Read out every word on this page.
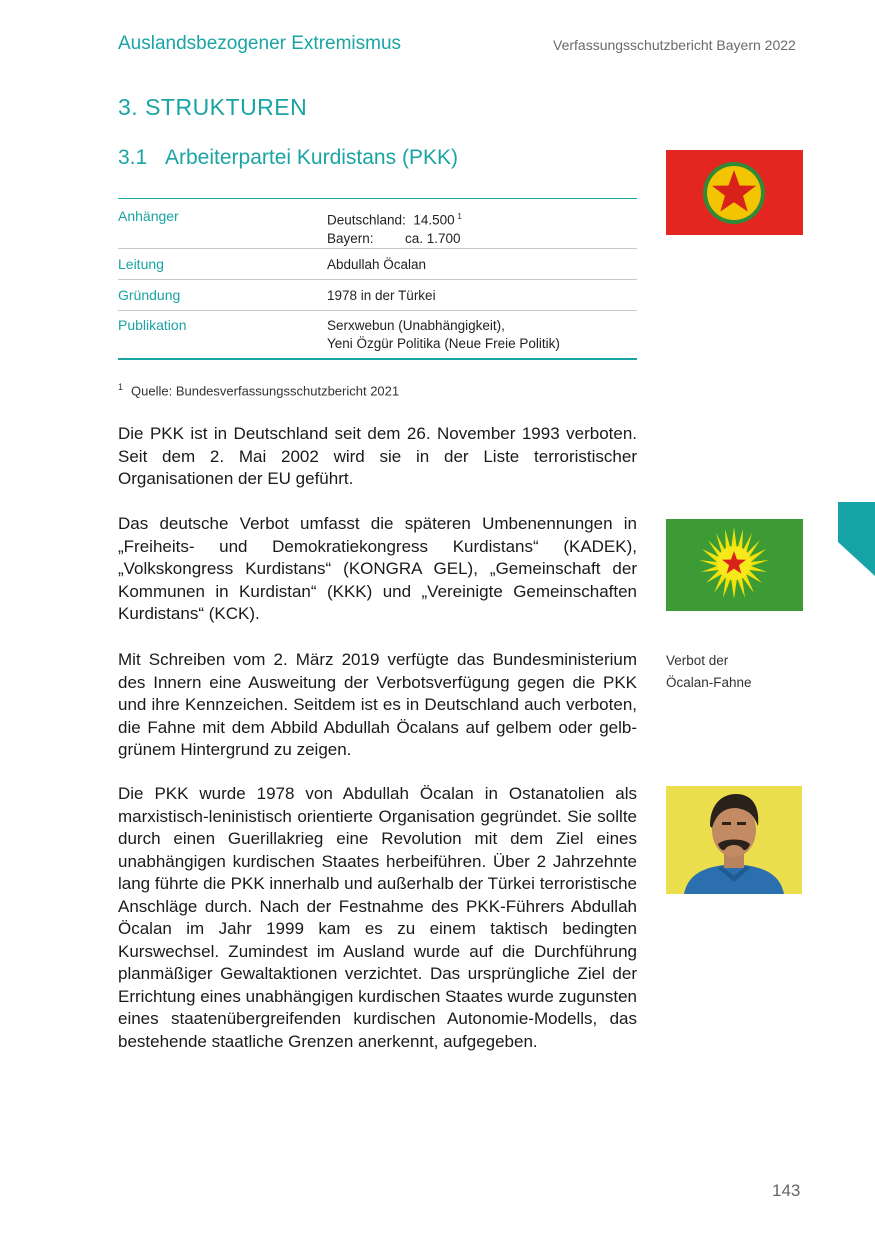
Auslandsbezogener Extremismus	Verfassungsschutzbericht Bayern 2022
3. STRUKTUREN
3.1 Arbeiterpartei Kurdistans (PKK)
Anhänger	Deutschland: 14.500  $^1$
Bayern: ca. 1.700
Leitung	Abdullah Öcalan
Gründung	1978 in der Türkei
Publikation	Serxwebun (Unabhängigkeit),
Yeni Özgür Politika (Neue Freie Politik)
$^1$ Quelle: Bundesverfassungsschutzbericht 2021

Die PKK ist in Deutschland seit dem 26. November 1993 verboten. Seit dem 2. Mai 2002 wird sie in der Liste terroristischer Organisationen der EU geführt.

Das deutsche Verbot umfasst die späteren Umbenennungen in „Freiheits- und Demokratiekongress Kurdistans“ (KADEK), „Volkskongress Kurdistans“ (KONGRA GEL), „Gemeinschaft der Kommunen in Kurdistan“ (KKK) und „Vereinigte Gemeinschaften Kurdistans“ (KCK).

Mit Schreiben vom 2. März 2019 verfügte das Bundesministerium des Innern eine Ausweitung der Verbotsverfügung gegen die PKK und ihre Kennzeichen. Seitdem ist es in Deutschland auch verboten, die Fahne mit dem Abbild Abdullah Öcalans auf gelbem oder gelb-grünem Hintergrund zu zeigen.

Die PKK wurde 1978 von Abdullah Öcalan in Ostanatolien als marxistisch-leninistisch orientierte Organisation gegründet. Sie sollte durch einen Guerillakrieg eine Revolution mit dem Ziel eines unabhängigen kurdischen Staates herbeiführen. Über 2 Jahrzehnte lang führte die PKK innerhalb und außerhalb der Türkei terroristische Anschläge durch. Nach der Festnahme des PKK-Führers Abdullah Öcalan im Jahr 1999 kam es zu einem taktisch bedingten Kurswechsel. Zumindest im Ausland wurde auf die Durchführung planmäßiger Gewaltaktionen verzichtet. Das ursprüngliche Ziel der Errichtung eines unabhängigen kurdischen Staates wurde zugunsten eines staatenübergreifenden kurdischen Autonomie-Modells, das bestehende staatliche Grenzen anerkennt, aufgegeben.

Verbot der
Öcalan-Fahne
143
